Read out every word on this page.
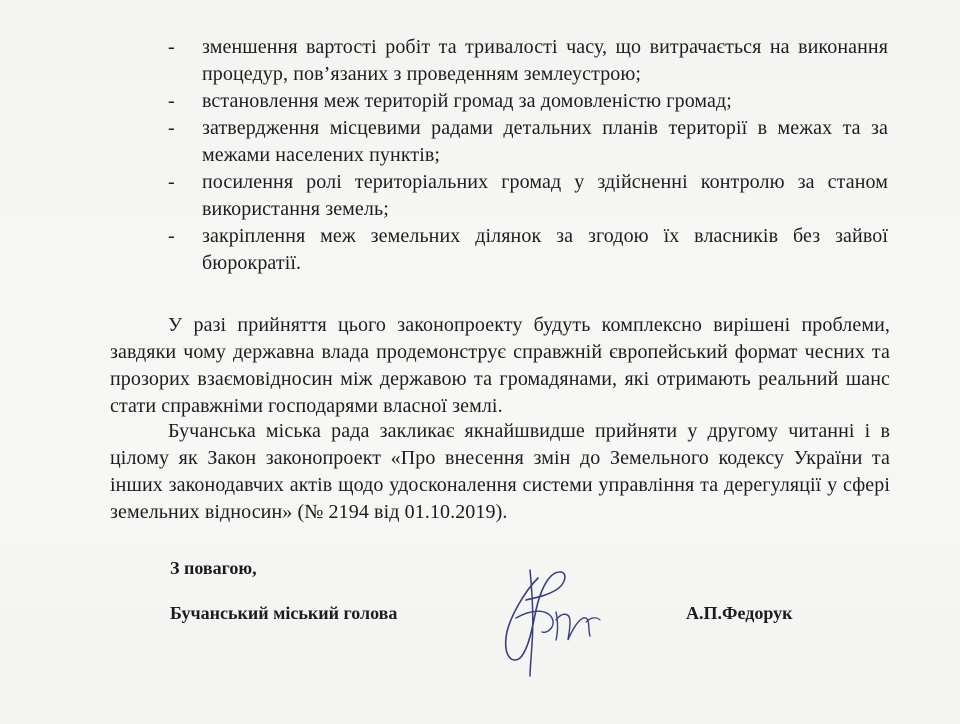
-	зменшення вартості робіт та тривалості часу, що витрачається на виконання процедур, пов’язаних з проведенням землеустрою;
-	встановлення меж територій громад за домовленістю громад;
-	затвердження місцевими радами детальних планів території в межах та за межами населених пунктів;
-	посилення ролі територіальних громад у здійсненні контролю за станом використання земель;
-	закріплення меж земельних ділянок за згодою їх власників без зайвої бюрократії.

У разі прийняття цього законопроекту будуть комплексно вирішені проблеми, завдяки чому державна влада продемонструє справжній європейський формат чесних та прозорих взаємовідносин між державою та громадянами, які отримають реальний шанс стати справжніми господарями власної землі.

Бучанська міська рада закликає якнайшвидше прийняти у другому читанні і в цілому як Закон законопроект «Про внесення змін до Земельного кодексу України та інших законодавчих актів щодо удосконалення системи управління та дерегуляції у сфері земельних відносин» (№ 2194 від 01.10.2019).

З повагою,
Бучанський міський голова	А.П.Федорук
